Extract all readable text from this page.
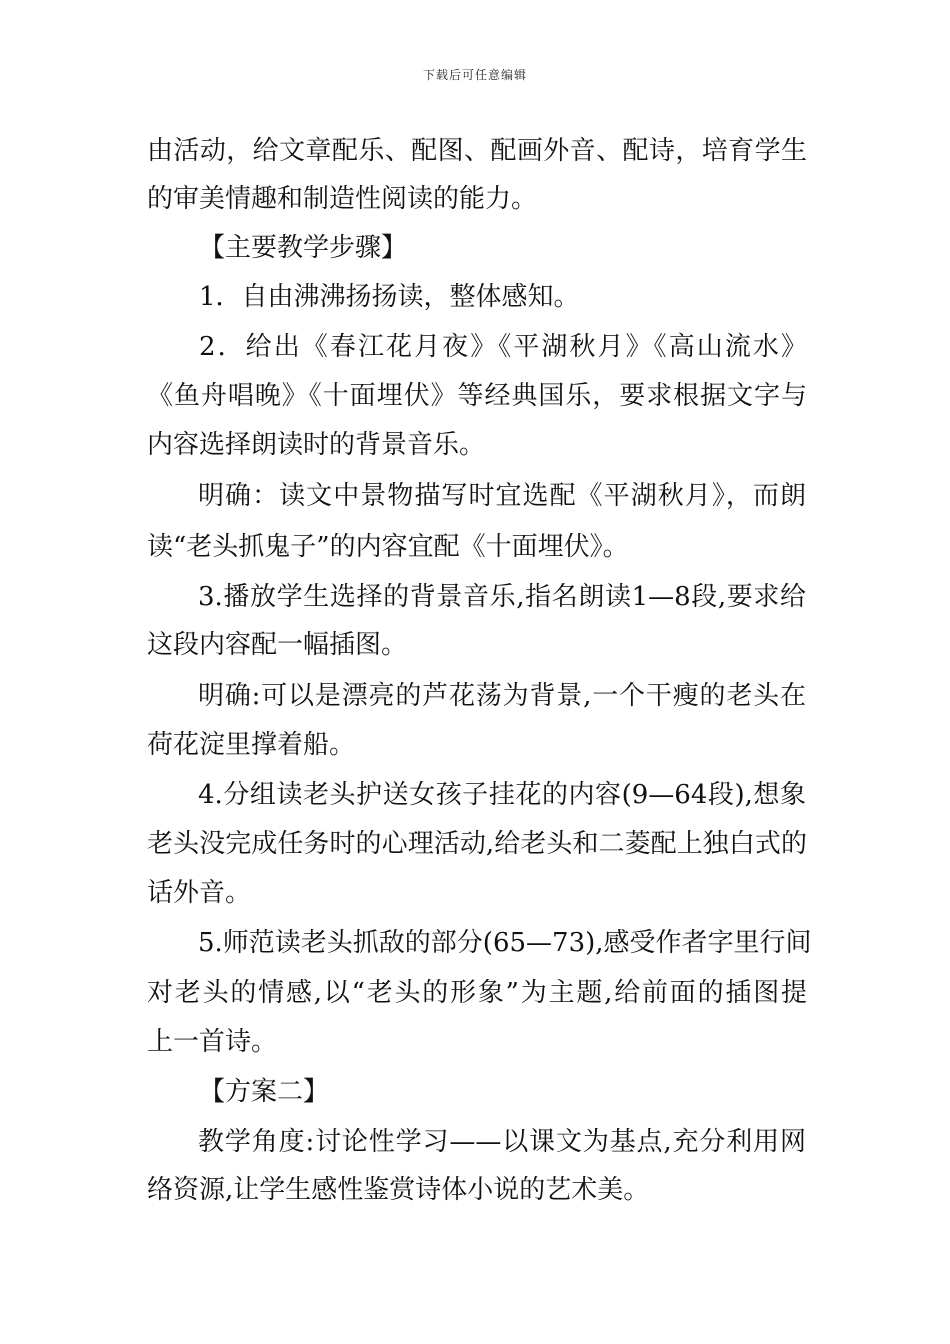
下载后可任意编辑
由活动，给文章配乐、配图、配画外音、配诗，培育学生
的审美情趣和制造性阅读的能力。
【主要教学步骤】
1．自由沸沸扬扬读，整体感知。
2．给出《春江花月夜》《平湖秋月》《高山流水》
《鱼舟唱晚》《十面埋伏》等经典国乐，要求根据文字与
内容选择朗读时的背景音乐。
明确：读文中景物描写时宜选配《平湖秋月》，而朗
读“老头抓鬼子”的内容宜配《十面埋伏》。
3.播放学生选择的背景音乐,指名朗读1—8段,要求给
这段内容配一幅插图。
明确:可以是漂亮的芦花荡为背景,一个干瘦的老头在
荷花淀里撑着船。
4.分组读老头护送女孩子挂花的内容(9—64段),想象
老头没完成任务时的心理活动,给老头和二菱配上独白式的
话外音。
5.师范读老头抓敌的部分(65—73),感受作者字里行间
对老头的情感,以“老头的形象”为主题,给前面的插图提
上一首诗。
【方案二】
教学角度:讨论性学习——以课文为基点,充分利用网
络资源,让学生感性鉴赏诗体小说的艺术美。
